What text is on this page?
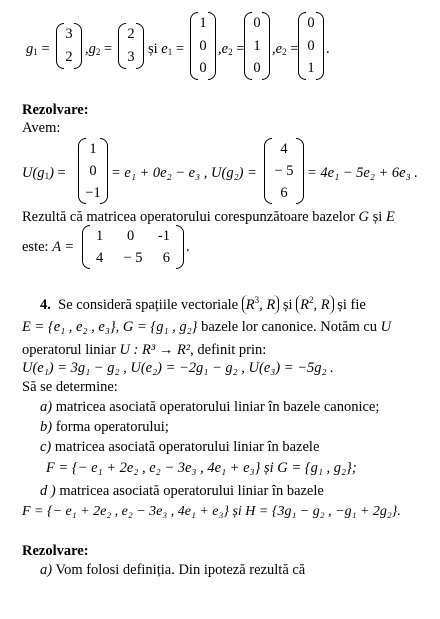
$g_1$ =
3
2
$,g_2$ =
2
3
și $e_1$ =
1
0
0
$,e_2$ =
0
1
0
$,e_2$ =
0
0
1
.
Rezolvare:
Avem:
$U(g_1)$ =
1
0
−1
= e₁ + 0e₂ − e₃ , U(g₂) =
4
− 5
6
= 4e₁ − 5e₂ + 6e₃ .
Rezultă că matricea operatorului corespunzătoare bazelor G și E
este: A =
1 0 -1
4 − 5 6
.
4. Se consideră spațiile vectoriale $R^3$, R și $R^2$, R și fie
E = {e₁ , e₂ , e₃}, G = {g₁ , g₂} bazele lor canonice. Notăm cu U
operatorul liniar U : R³ → R², definit prin:
U(e₁) = 3g₁ − g₂ , U(e₂) = −2g₁ − g₂ , U(e₃) = −5g₂ .
Să se determine:
a) matricea asociată operatorului liniar în bazele canonice;
b) forma operatorului;
c) matricea asociată operatorului liniar în bazele
F = {− e₁ + 2e₂ , e₂ − 3e₃ , 4e₁ + e₃} și G = {g₁ , g₂};
d ) matricea asociată operatorului liniar în bazele
F = {− e₁ + 2e₂ , e₂ − 3e₃ , 4e₁ + e₃} și H = {3g₁ − g₂ , −g₁ + 2g₂}.
Rezolvare:
a) Vom folosi definiția. Din ipoteză rezultă că
